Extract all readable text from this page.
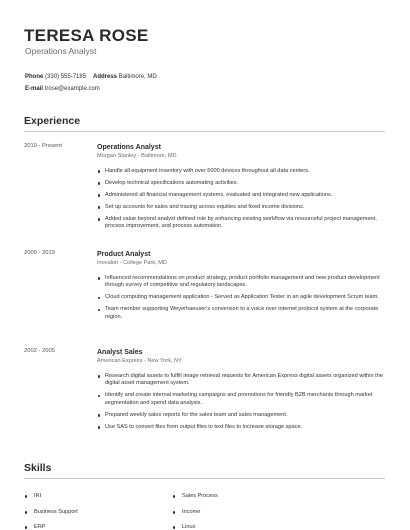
TERESA ROSE
Operations Analyst
Phone (330) 555-7185 Address Baltimore, MD
E-mail trose@example.com
Experience
2019 - Present	Operations Analyst
Morgan Stanley - Baltimore, MD
Handle all equipment inventory with over 5000 devices throughout all data centers.
Develop technical specifications automating activities.
Administered all financial management systems, evaluated and integrated new applications.
Set up accounts for sales and trasing across equities and fixed income divisions.
Added value beyond analyst defined role by enhancing existing workflow via resourceful project management, process improvement, and process automation.
2009 - 2019	Product Analyst
Inovalon - College Park, MD
Influenced recommendations on product strategy, product portfolio management and new product development through survey of competitive and regulatory landscapes.
Cloud computing management application - Served as Application Tester in an agile development Scrum team.
Team member supporting Weyerhaeuser's conversion to a voice over internet protocol system at the corporate region.
2002 - 2005	Analyst Sales
American Express - New York, NY
Research digital assets to fulfill image retrieval requests for American Express digital assets organized within the digital asset management system.
Identify and create internal marketing campaigns and promotions for friendly B2B merchants through market segmentation and spend data analysis.
Prepared weekly sales reports for the sales team and sales management.
Use SAS to convert files from output files to text files to increase storage space.
Skills
IRI	Sales Process
Business Support	Income
ERP	Linux
